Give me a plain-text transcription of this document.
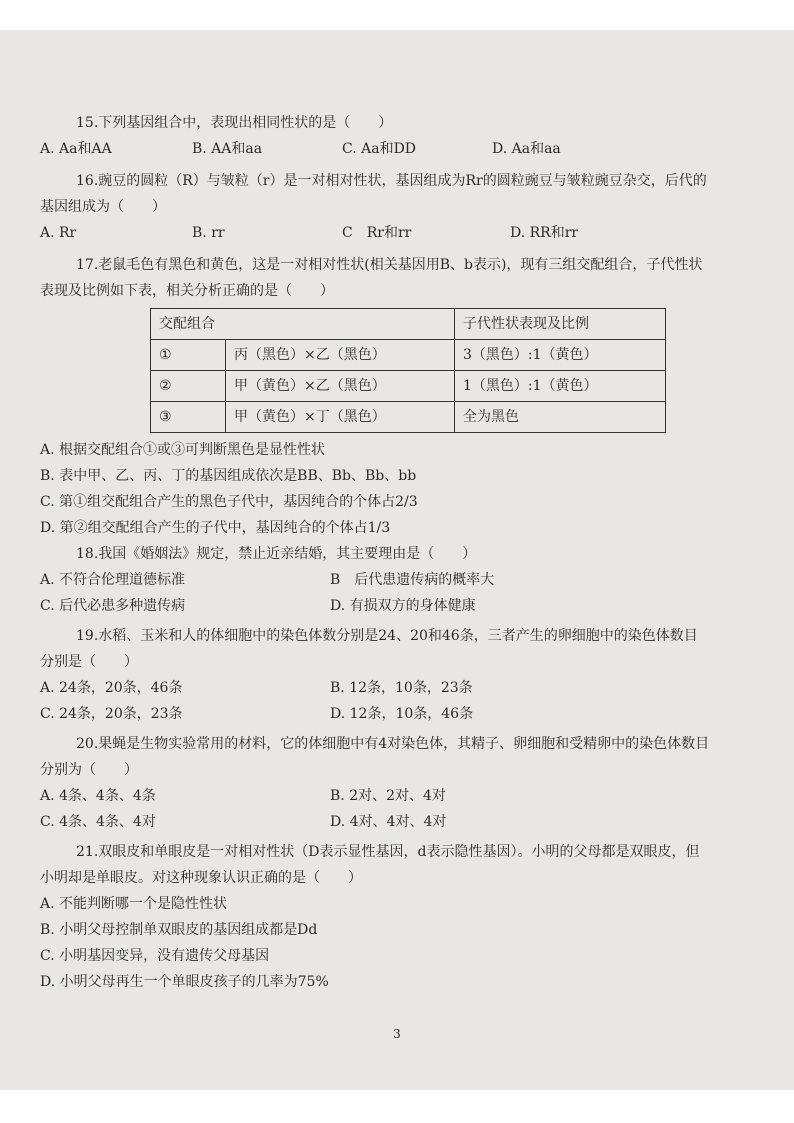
15.下列基因组合中，表现出相同性状的是（　　）

A. Aa和AA	B. AA和aa	C. Aa和DD	D. Aa和aa

16.豌豆的圆粒（R）与皱粒（r）是一对相对性状，基因组成为Rr的圆粒豌豆与皱粒豌豆杂交，后代的基因组成为（　　）

A. Rr	B. rr	C　Rr和rr	D. RR和rr

17.老鼠毛色有黑色和黄色，这是一对相对性状(相关基因用B、b表示)，现有三组交配组合，子代性状表现及比例如下表，相关分析正确的是（　　）

交配组合		子代性状表现及比例
①	丙（黑色）×乙（黑色）	3（黑色）:1（黄色）
②	甲（黄色）×乙（黑色）	1（黑色）:1（黄色）
③	甲（黄色）×丁（黑色）	全为黑色

A. 根据交配组合①或③可判断黑色是显性性状

B. 表中甲、乙、丙、丁的基因组成依次是BB、Bb、Bb、bb

C. 第①组交配组合产生的黑色子代中，基因纯合的个体占2/3

D. 第②组交配组合产生的子代中，基因纯合的个体占1/3

18.我国《婚姻法》规定，禁止近亲结婚，其主要理由是（　　）

A. 不符合伦理道德标准	B　后代患遗传病的概率大
C. 后代必患多种遗传病	D. 有损双方的身体健康

19.水稻、玉米和人的体细胞中的染色体数分别是24、20和46条，三者产生的卵细胞中的染色体数目分别是（　　）

A. 24条，20条，46条	B. 12条，10条，23条
C. 24条，20条，23条	D. 12条，10条，46条

20.果蝇是生物实验常用的材料，它的体细胞中有4对染色体，其精子、卵细胞和受精卵中的染色体数目分别为（　　）

A. 4条、4条、4条	B. 2对、2对、4对
C. 4条、4条、4对	D. 4对、4对、4对

21.双眼皮和单眼皮是一对相对性状（D表示显性基因，d表示隐性基因）。小明的父母都是双眼皮，但小明却是单眼皮。对这种现象认识正确的是（　　）

A. 不能判断哪一个是隐性性状

B. 小明父母控制单双眼皮的基因组成都是Dd

C. 小明基因变异，没有遗传父母基因

D. 小明父母再生一个单眼皮孩子的几率为75%

3
